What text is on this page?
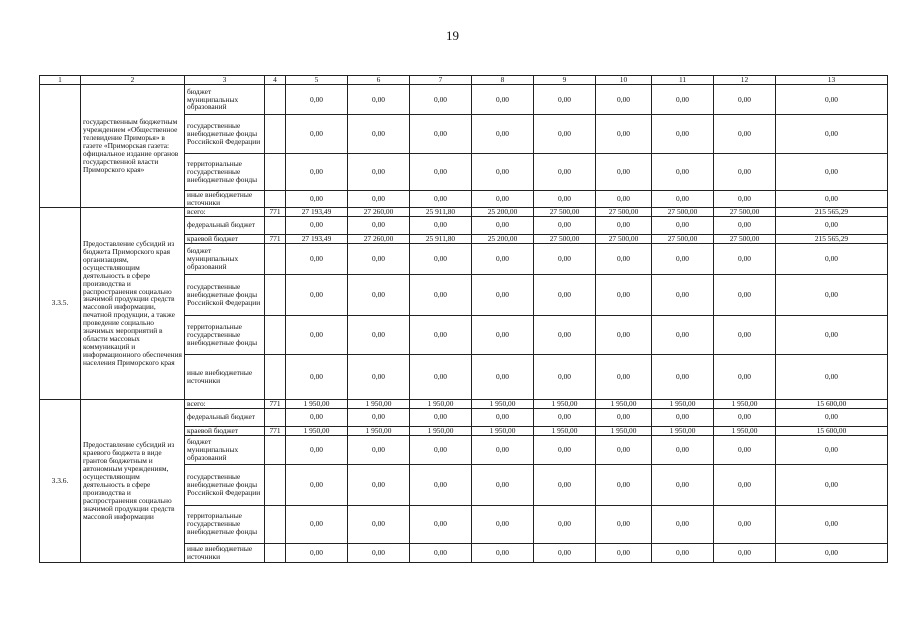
19
1	2	3	4	5	6	7	8	9	10	11	12	13
	государственным бюджетным учреждением «Общественное телевидение Приморья» в газете «Приморская газета: официальное издание органов государственной власти Приморского края»	бюджет муниципальных образований		0,00	0,00	0,00	0,00	0,00	0,00	0,00	0,00	0,00
		государственные внебюджетные фонды Российской Федерации		0,00	0,00	0,00	0,00	0,00	0,00	0,00	0,00	0,00
		территориальные государственные внебюджетные фонды		0,00	0,00	0,00	0,00	0,00	0,00	0,00	0,00	0,00
		иные внебюджетные источники		0,00	0,00	0,00	0,00	0,00	0,00	0,00	0,00	0,00
3.3.5.	Предоставление субсидий из бюджета Приморского края организациям, осуществляющим деятельность в сфере производства и распространения социально значимой продукции средств массовой информации, печатной продукции, а также проведение социально значимых мероприятий в области массовых коммуникаций и информационного обеспечения населения Приморского края	всего:	771	27 193,49	27 260,00	25 911,80	25 200,00	27 500,00	27 500,00	27 500,00	27 500,00	215 565,29
		федеральный бюджет		0,00	0,00	0,00	0,00	0,00	0,00	0,00	0,00	0,00
		краевой бюджет	771	27 193,49	27 260,00	25 911,80	25 200,00	27 500,00	27 500,00	27 500,00	27 500,00	215 565,29
		бюджет муниципальных образований		0,00	0,00	0,00	0,00	0,00	0,00	0,00	0,00	0,00
		государственные внебюджетные фонды Российской Федерации		0,00	0,00	0,00	0,00	0,00	0,00	0,00	0,00	0,00
		территориальные государственные внебюджетные фонды		0,00	0,00	0,00	0,00	0,00	0,00	0,00	0,00	0,00
		иные внебюджетные источники		0,00	0,00	0,00	0,00	0,00	0,00	0,00	0,00	0,00
3.3.6.	Предоставление субсидий из краевого бюджета в виде грантов бюджетным и автономным учреждениям, осуществляющим деятельность в сфере производства и распространения социально значимой продукции средств массовой информации	всего:	771	1 950,00	1 950,00	1 950,00	1 950,00	1 950,00	1 950,00	1 950,00	1 950,00	15 600,00
		федеральный бюджет		0,00	0,00	0,00	0,00	0,00	0,00	0,00	0,00	0,00
		краевой бюджет	771	1 950,00	1 950,00	1 950,00	1 950,00	1 950,00	1 950,00	1 950,00	1 950,00	15 600,00
		бюджет муниципальных образований		0,00	0,00	0,00	0,00	0,00	0,00	0,00	0,00	0,00
		государственные внебюджетные фонды Российской Федерации		0,00	0,00	0,00	0,00	0,00	0,00	0,00	0,00	0,00
		территориальные государственные внебюджетные фонды		0,00	0,00	0,00	0,00	0,00	0,00	0,00	0,00	0,00
		иные внебюджетные источники		0,00	0,00	0,00	0,00	0,00	0,00	0,00	0,00	0,00
